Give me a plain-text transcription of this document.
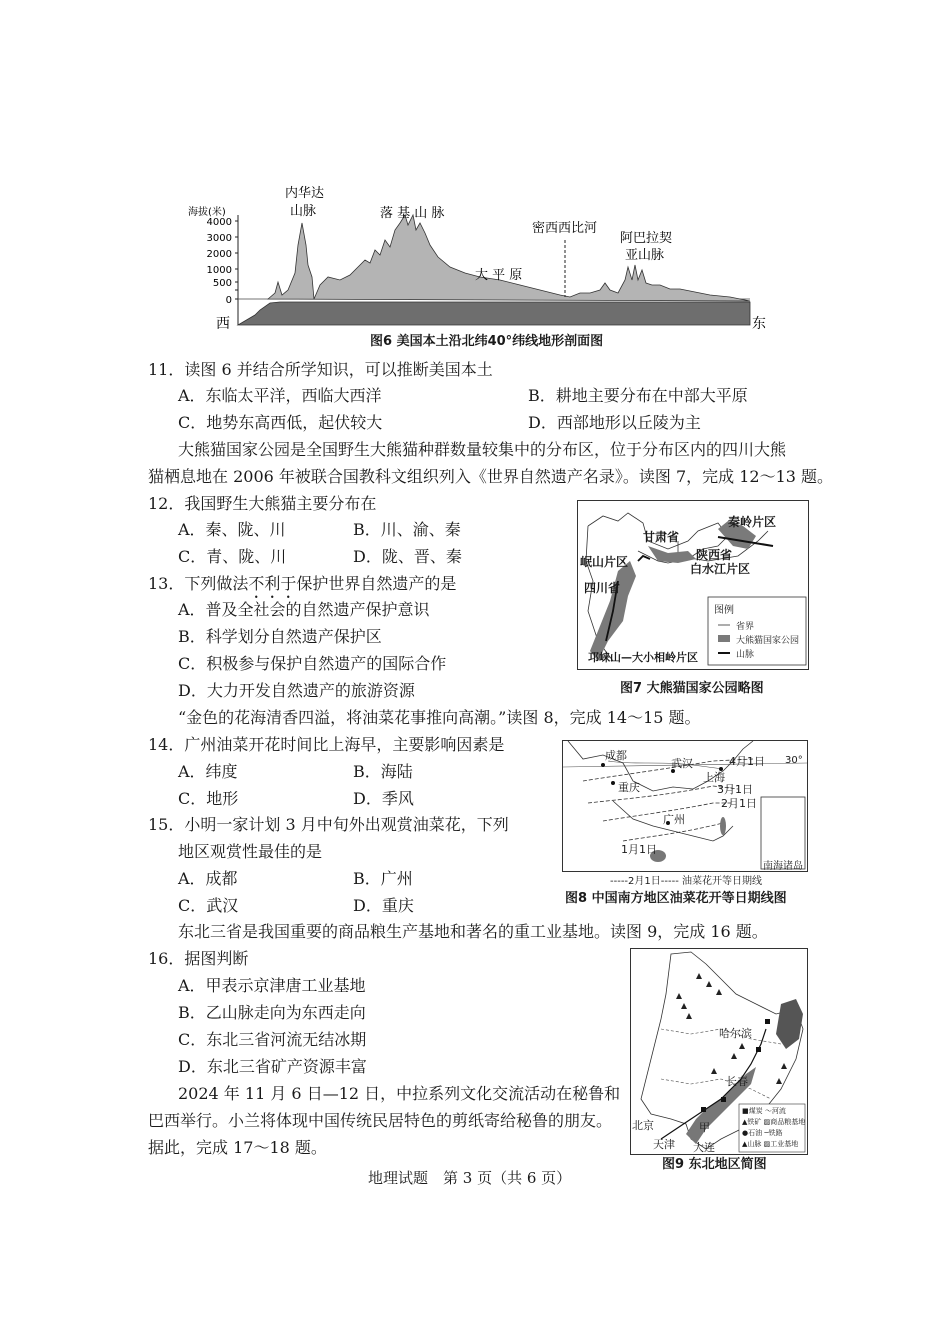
海拔(米)
4000
3000
2000
1000
500
0
内华达
山脉	落 基 山 脉
密西西比河
阿巴拉契
亚山脉
大 平 原
西	东
图6 美国本土沿北纬40°纬线地形剖面图
11．读图 6 并结合所学知识，可以推断美国本土
A．东临太平洋，西临大西洋	B．耕地主要分布在中部大平原
C．地势东高西低，起伏较大	D．西部地形以丘陵为主
大熊猫国家公园是全国野生大熊猫种群数量较集中的分布区，位于分布区内的四川大熊
猫栖息地在 2006 年被联合国教科文组织列入《世界自然遗产名录》。读图 7，完成 12～13 题。
12．我国野生大熊猫主要分布在
A．秦、陇、川	B．川、渝、秦
C．青、陇、川	D．陇、晋、秦
13．下列做法不利于保护世界自然遗产的是
A．普及全社会的自然遗产保护意识
B．科学划分自然遗产保护区
C．积极参与保护自然遗产的国际合作
D．大力开发自然遗产的旅游资源
甘肃省
秦岭片区
陕西省
白水江片区
岷山片区
四川省
图例
省界
大熊猫国家公园
山脉
邛崃山—大小相岭片区
图7 大熊猫国家公园略图
“金色的花海清香四溢，将油菜花事推向高潮。”读图 8，完成 14～15 题。
14．广州油菜开花时间比上海早，主要影响因素是
A．纬度	B．海陆
C．地形	D．季风
15．小明一家计划 3 月中旬外出观赏油菜花，下列
地区观赏性最佳的是
A．成都	B．广州
C．武汉	D．重庆
成都
武汉
上海
重庆
广州
30°
4月1日
3月1日
2月1日
1月1日
南海诸岛
-----2月1日----- 油菜花开等日期线
图8 中国南方地区油菜花开等日期线图
东北三省是我国重要的商品粮生产基地和著名的重工业基地。读图 9，完成 16 题。
16．据图判断
A．甲表示京津唐工业基地
B．乙山脉走向为东西走向
C．东北三省河流无结冰期
D．东北三省矿产资源丰富
2024 年 11 月 6 日—12 日，中拉系列文化交流活动在秘鲁和
巴西举行。小兰将体现中国传统民居特色的剪纸寄给秘鲁的朋友。
据此，完成 17～18 题。
哈尔滨
长春
北京
天津 大连
甲
■煤炭 ～河流
▲铁矿 ▨商品粮基地
●石油 ─铁路
▲山脉 ▨工业基地
图9 东北地区简图
地理试题　第 3 页（共 6 页）
